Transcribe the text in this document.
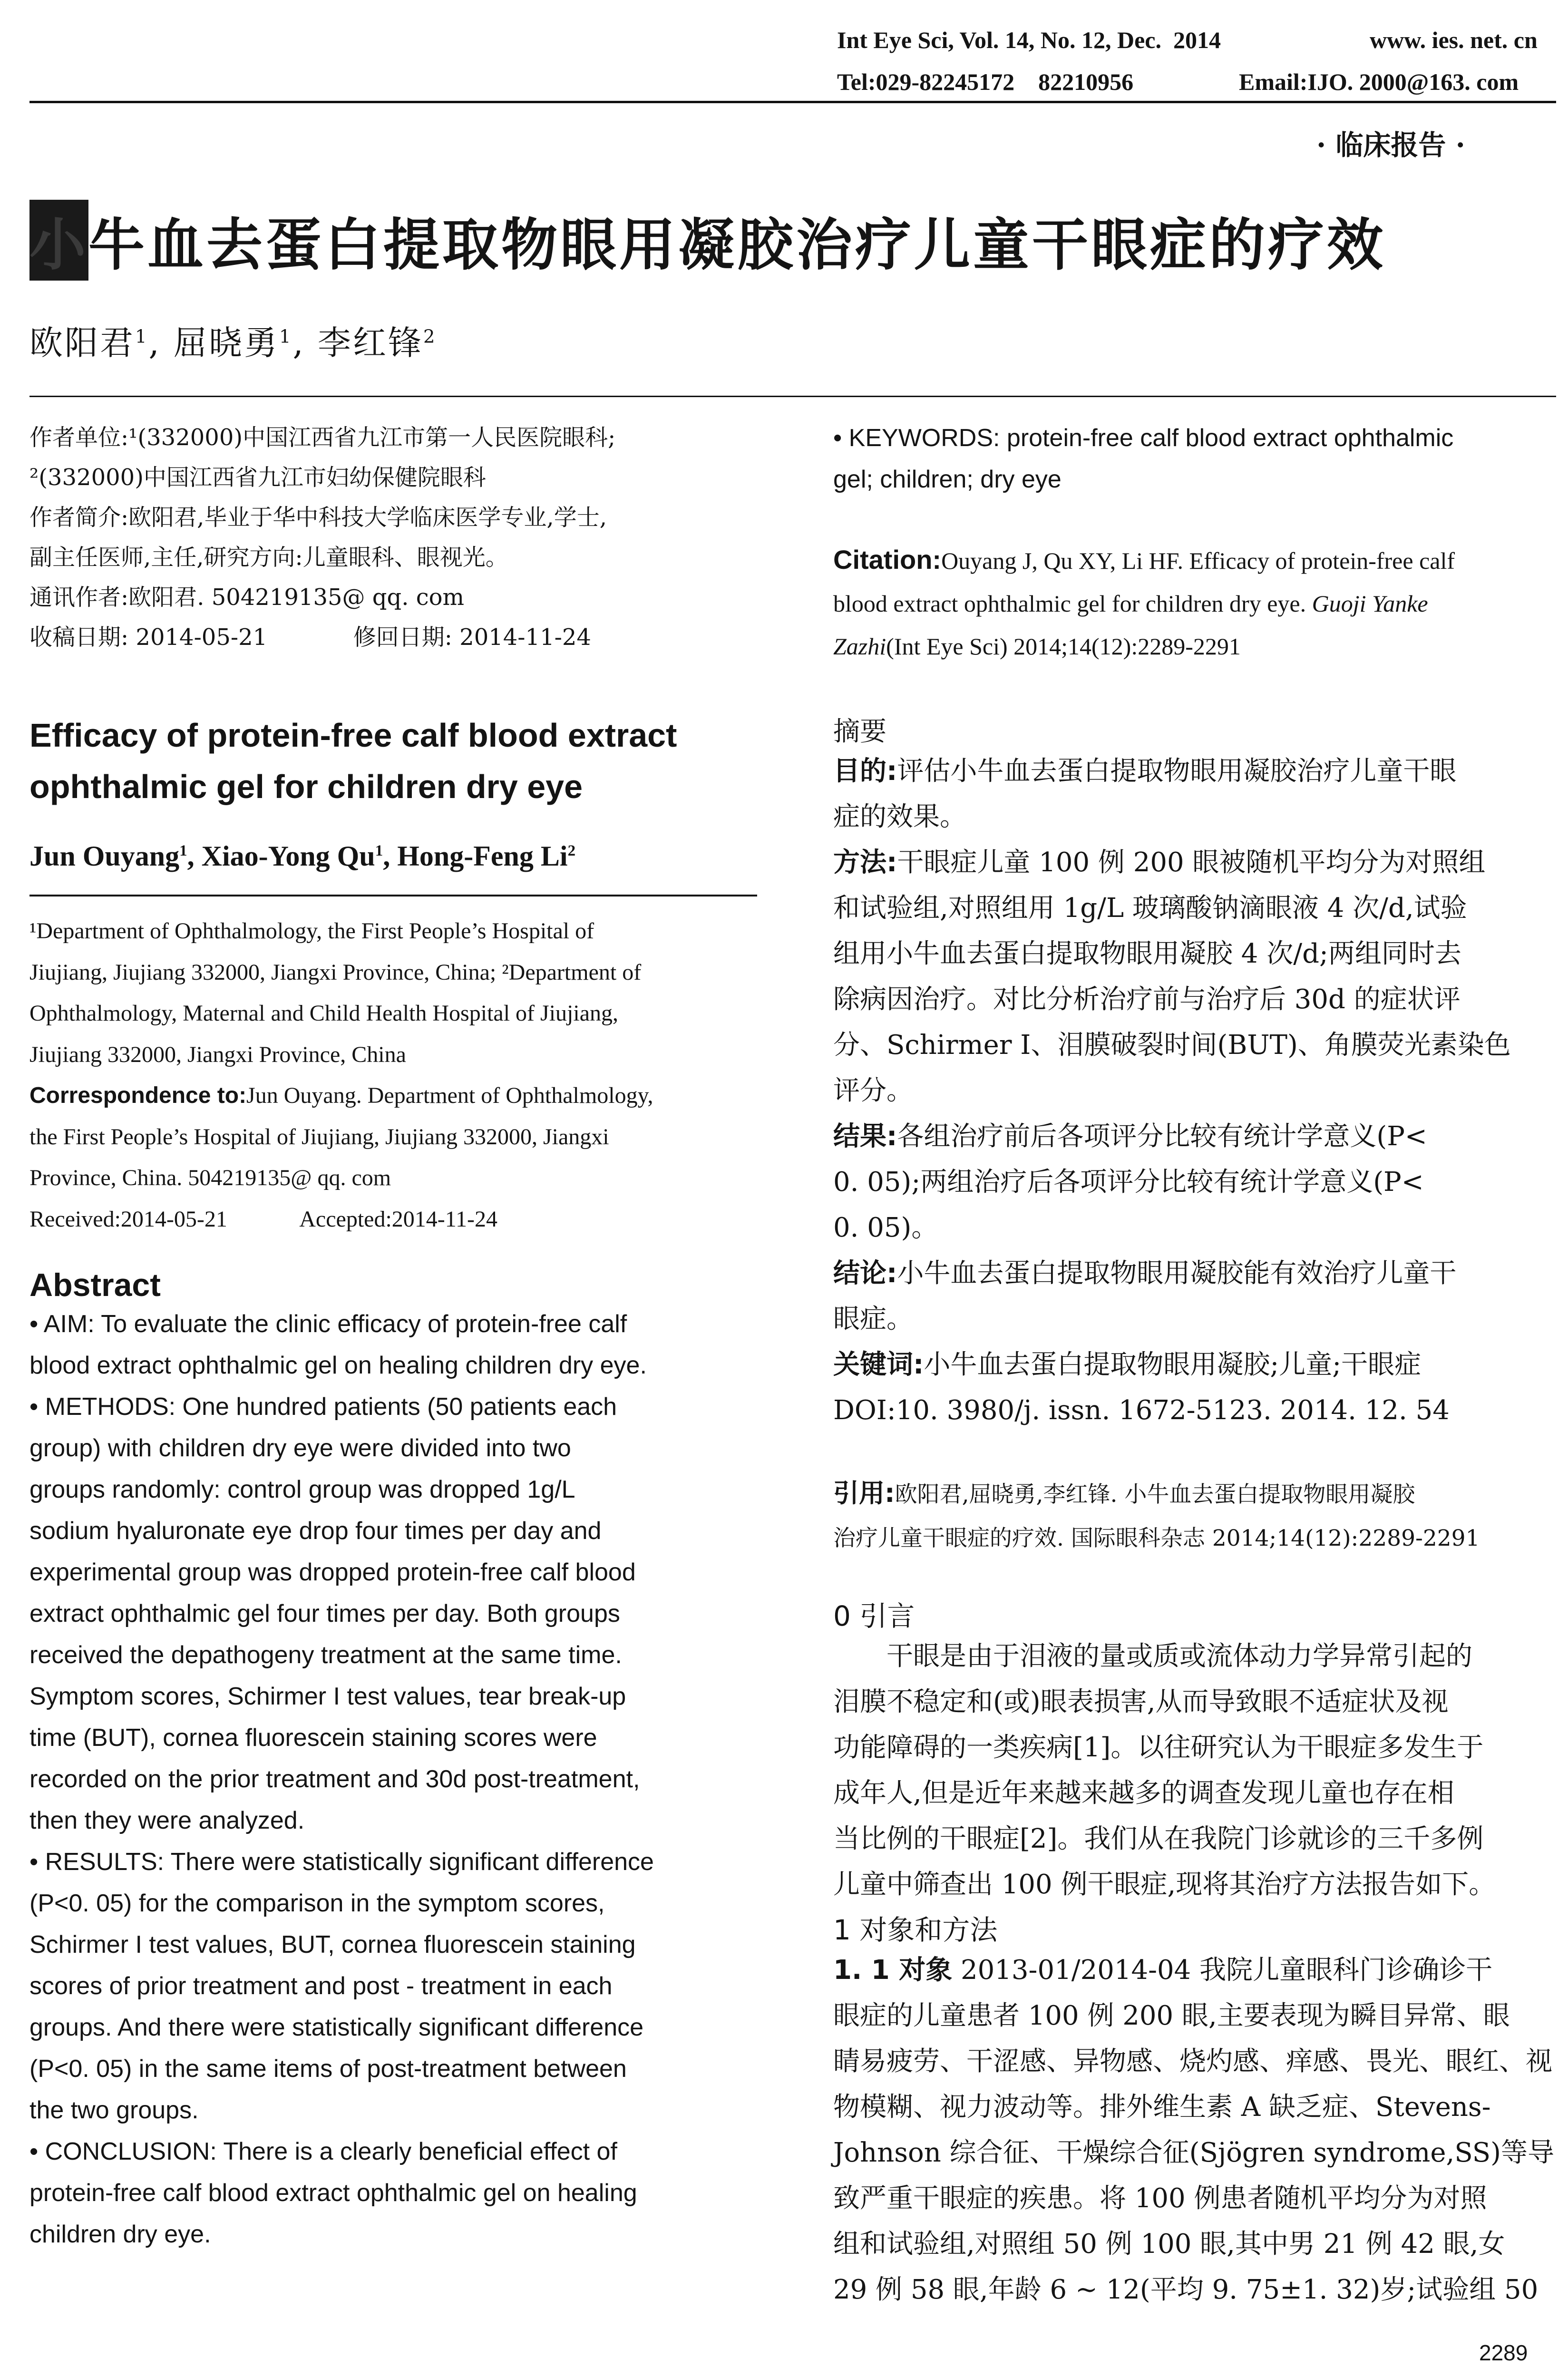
Int Eye Sci, Vol. 14, No. 12, Dec.  2014	www. ies. net. cn
Tel:029-82245172    82210956	Email:IJO. 2000@163. com
· 临床报告 ·
小牛血去蛋白提取物眼用凝胶治疗儿童干眼症的疗效
欧阳君$^1$, 屈晓勇$^1$, 李红锋$^2$

作者单位:¹(332000)中国江西省九江市第一人民医院眼科;

²(332000)中国江西省九江市妇幼保健院眼科

作者简介:欧阳君,毕业于华中科技大学临床医学专业,学士,

副主任医师,主任,研究方向:儿童眼科、眼视光。

通讯作者:欧阳君. 504219135@ qq. com

收稿日期: 2014-05-21	修回日期: 2014-11-24

Efficacy of protein-free calf blood extract
ophthalmic gel for children dry eye
Jun Ouyang$^1$, Xiao-Yong Qu$^1$, Hong-Feng Li$^2$

¹Department of Ophthalmology, the First People’s Hospital of

Jiujiang, Jiujiang 332000, Jiangxi Province, China; ²Department of

Ophthalmology, Maternal and Child Health Hospital of Jiujiang,

Jiujiang 332000, Jiangxi Province, China

Correspondence to:Jun Ouyang. Department of Ophthalmology,

the First People’s Hospital of Jiujiang, Jiujiang 332000, Jiangxi

Province, China. 504219135@ qq. com

Received:2014-05-21	Accepted:2014-11-24

Abstract

• AIM: To evaluate the clinic efficacy of protein-free calf

blood extract ophthalmic gel on healing children dry eye.

• METHODS: One hundred patients (50 patients each

group) with children dry eye were divided into two

groups randomly: control group was dropped 1g/L

sodium hyaluronate eye drop four times per day and

experimental group was dropped protein-free calf blood

extract ophthalmic gel four times per day. Both groups

received the depathogeny treatment at the same time.

Symptom scores, Schirmer I test values, tear break-up

time (BUT), cornea fluorescein staining scores were

recorded on the prior treatment and 30d post-treatment,

then they were analyzed.

• RESULTS: There were statistically significant difference

(P<0. 05) for the comparison in the symptom scores,

Schirmer I test values, BUT, cornea fluorescein staining

scores of prior treatment and post - treatment in each

groups. And there were statistically significant difference

(P<0. 05) in the same items of post-treatment between

the two groups.

• CONCLUSION: There is a clearly beneficial effect of

protein-free calf blood extract ophthalmic gel on healing

children dry eye.

• KEYWORDS: protein-free calf blood extract ophthalmic

gel; children; dry eye

Citation:Ouyang J, Qu XY, Li HF. Efficacy of protein-free calf

blood extract ophthalmic gel for children dry eye. Guoji Yanke

Zazhi(Int Eye Sci) 2014;14(12):2289-2291

摘要

目的:评估小牛血去蛋白提取物眼用凝胶治疗儿童干眼

症的效果。

方法:干眼症儿童 100 例 200 眼被随机平均分为对照组

和试验组,对照组用 1g/L 玻璃酸钠滴眼液 4 次/d,试验

组用小牛血去蛋白提取物眼用凝胶 4 次/d;两组同时去

除病因治疗。对比分析治疗前与治疗后 30d 的症状评

分、Schirmer Ⅰ、泪膜破裂时间(BUT)、角膜荧光素染色

评分。

结果:各组治疗前后各项评分比较有统计学意义(P<

0. 05);两组治疗后各项评分比较有统计学意义(P<

0. 05)。

结论:小牛血去蛋白提取物眼用凝胶能有效治疗儿童干

眼症。

关键词:小牛血去蛋白提取物眼用凝胶;儿童;干眼症

DOI:10. 3980/j. issn. 1672-5123. 2014. 12. 54

引用:欧阳君,屈晓勇,李红锋. 小牛血去蛋白提取物眼用凝胶

治疗儿童干眼症的疗效. 国际眼科杂志 2014;14(12):2289-2291

0 引言

干眼是由于泪液的量或质或流体动力学异常引起的

泪膜不稳定和(或)眼表损害,从而导致眼不适症状及视

功能障碍的一类疾病[1]。以往研究认为干眼症多发生于

成年人,但是近年来越来越多的调查发现儿童也存在相

当比例的干眼症[2]。我们从在我院门诊就诊的三千多例

儿童中筛查出 100 例干眼症,现将其治疗方法报告如下。

1 对象和方法

1. 1 对象 2013-01/2014-04 我院儿童眼科门诊确诊干

眼症的儿童患者 100 例 200 眼,主要表现为瞬目异常、眼

睛易疲劳、干涩感、异物感、烧灼感、痒感、畏光、眼红、视

物模糊、视力波动等。排外维生素 A 缺乏症、Stevens-

Johnson 综合征、干燥综合征(Sjögren syndrome,SS)等导

致严重干眼症的疾患。将 100 例患者随机平均分为对照

组和试验组,对照组 50 例 100 眼,其中男 21 例 42 眼,女

29 例 58 眼,年龄 6 ~ 12(平均 9. 75±1. 32)岁;试验组 50

2289
